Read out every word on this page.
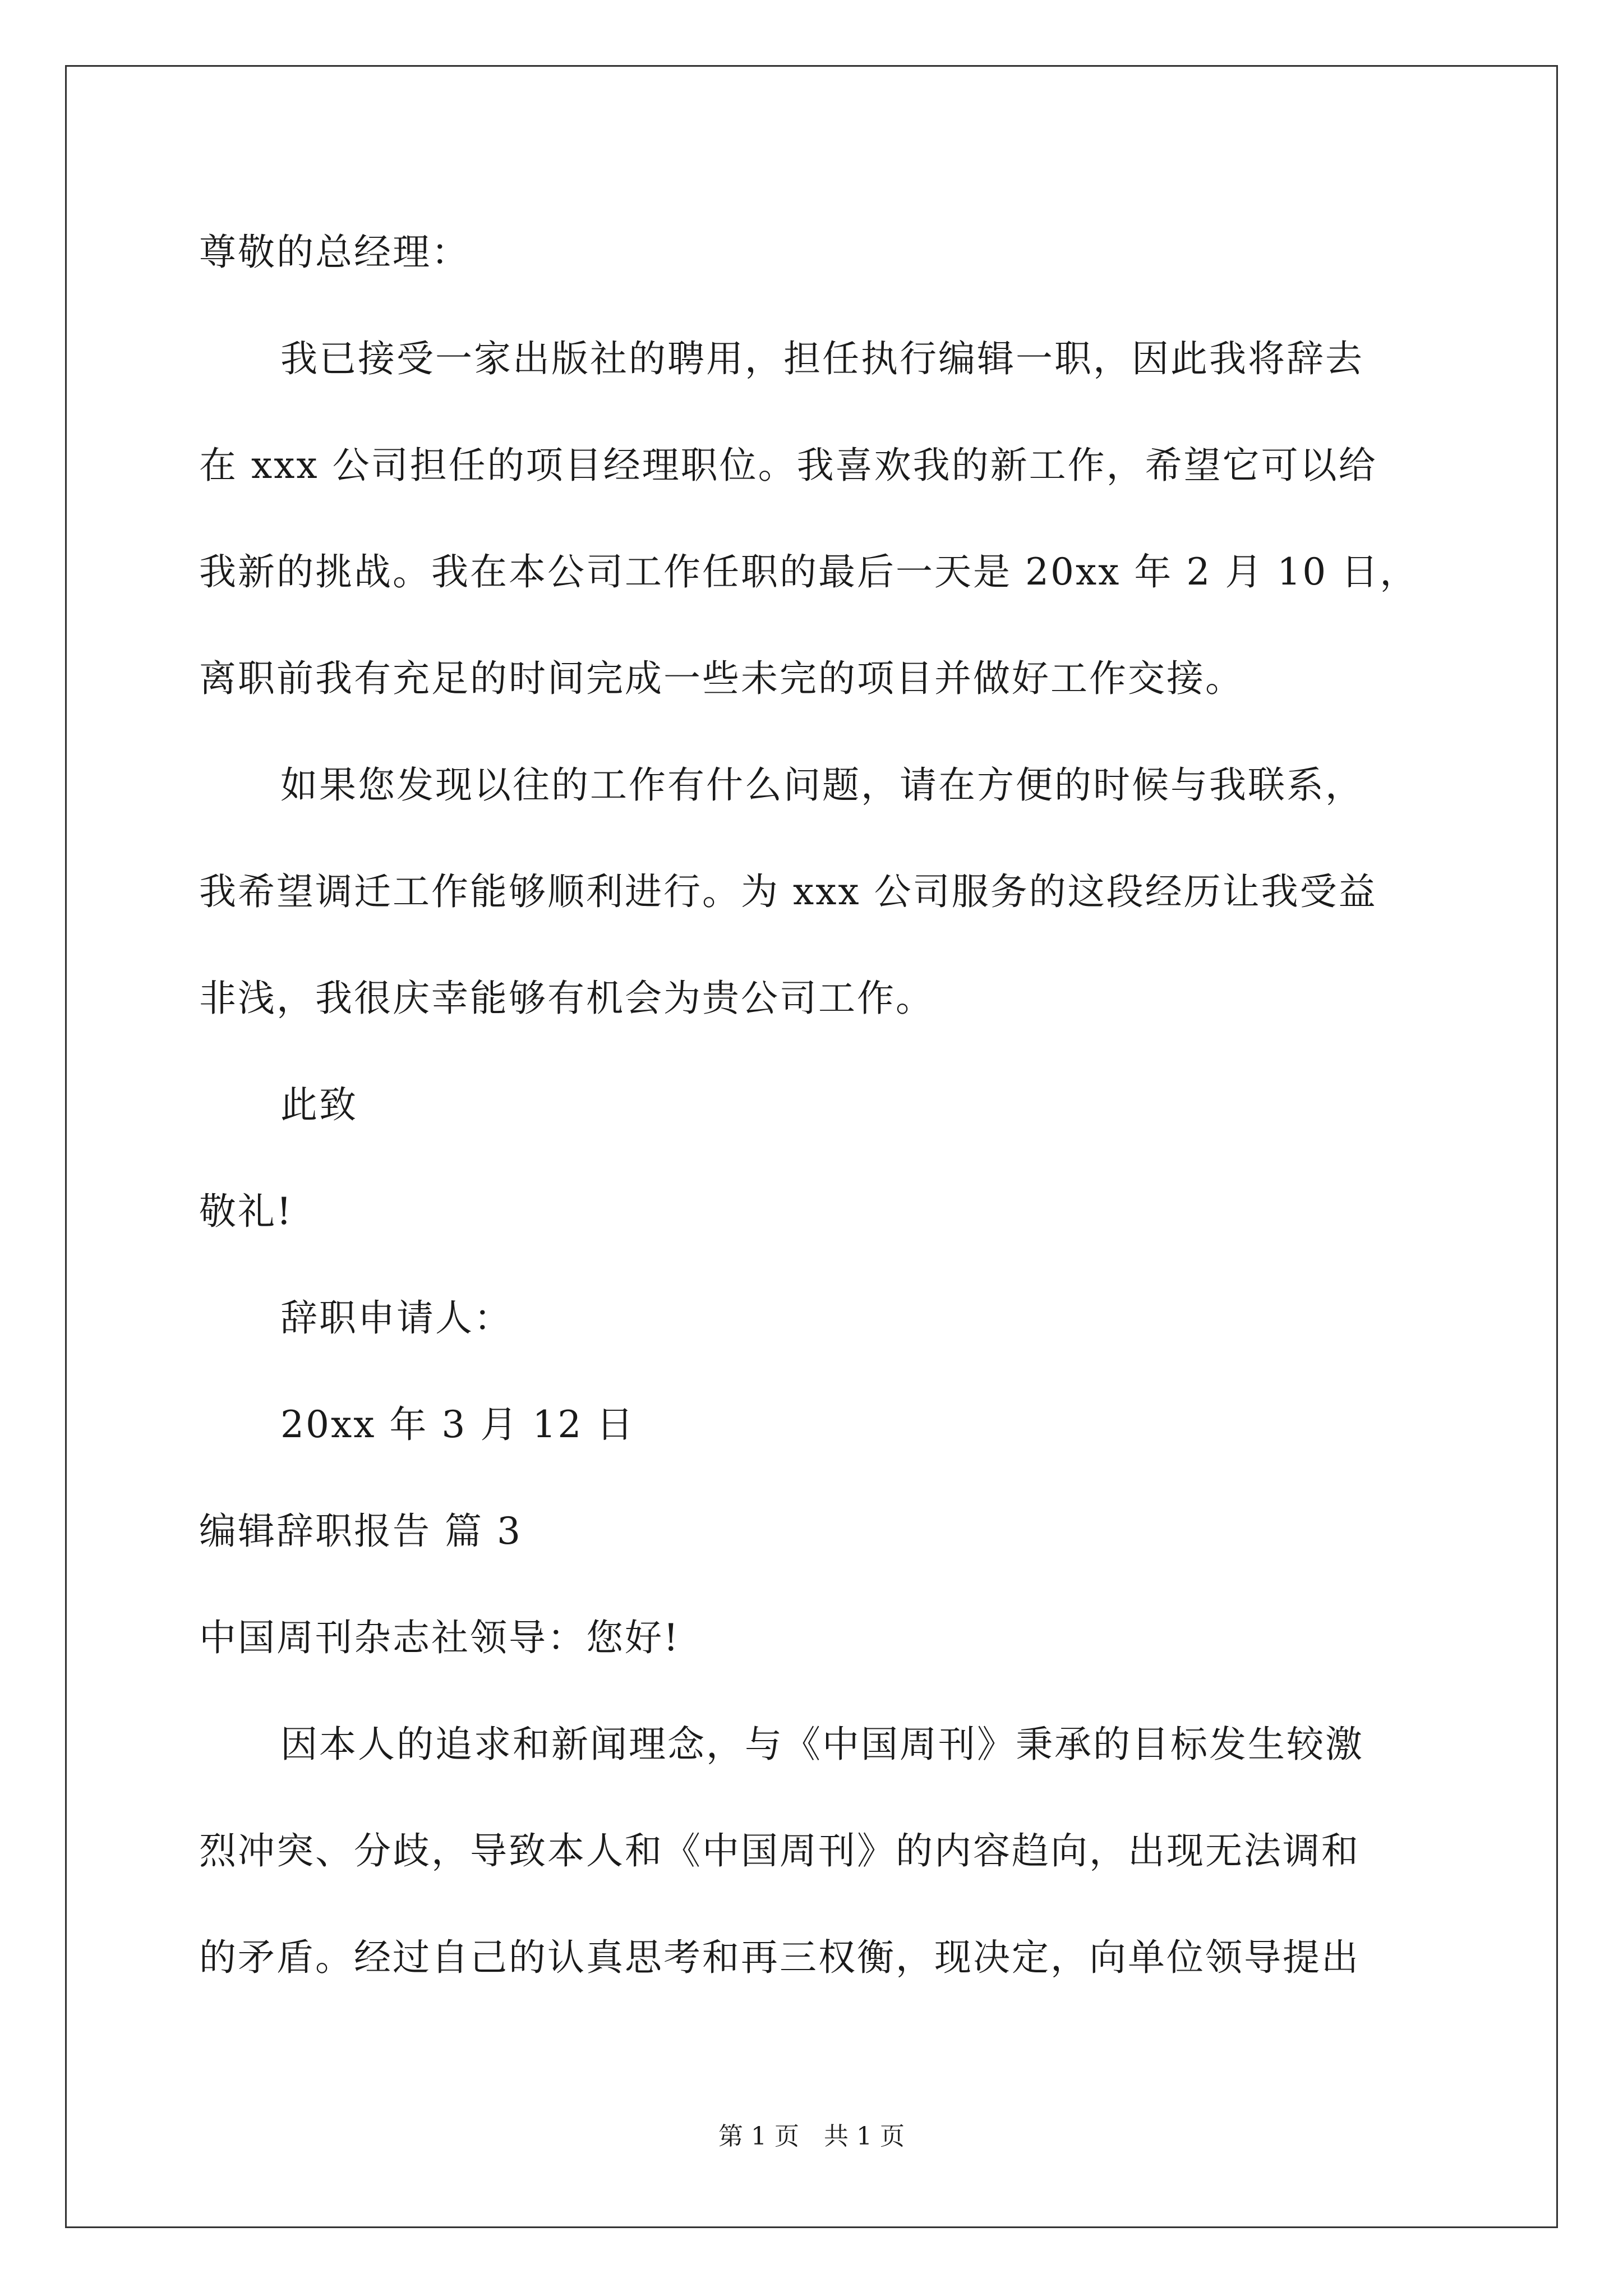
尊敬的总经理：
我已接受一家出版社的聘用，担任执行编辑一职，因此我将辞去
在 xxx 公司担任的项目经理职位。我喜欢我的新工作，希望它可以给
我新的挑战。我在本公司工作任职的最后一天是 20xx 年 2 月 10 日，
离职前我有充足的时间完成一些未完的项目并做好工作交接。
如果您发现以往的工作有什么问题，请在方便的时候与我联系，
我希望调迁工作能够顺利进行。为 xxx 公司服务的这段经历让我受益
非浅，我很庆幸能够有机会为贵公司工作。
此致
敬礼!
辞职申请人：
20xx 年 3 月 12 日
编辑辞职报告 篇 3
中国周刊杂志社领导：您好!
因本人的追求和新闻理念，与《中国周刊》秉承的目标发生较激
烈冲突、分歧，导致本人和《中国周刊》的内容趋向，出现无法调和
的矛盾。经过自己的认真思考和再三权衡，现决定，向单位领导提出
第 1 页　共 1 页
